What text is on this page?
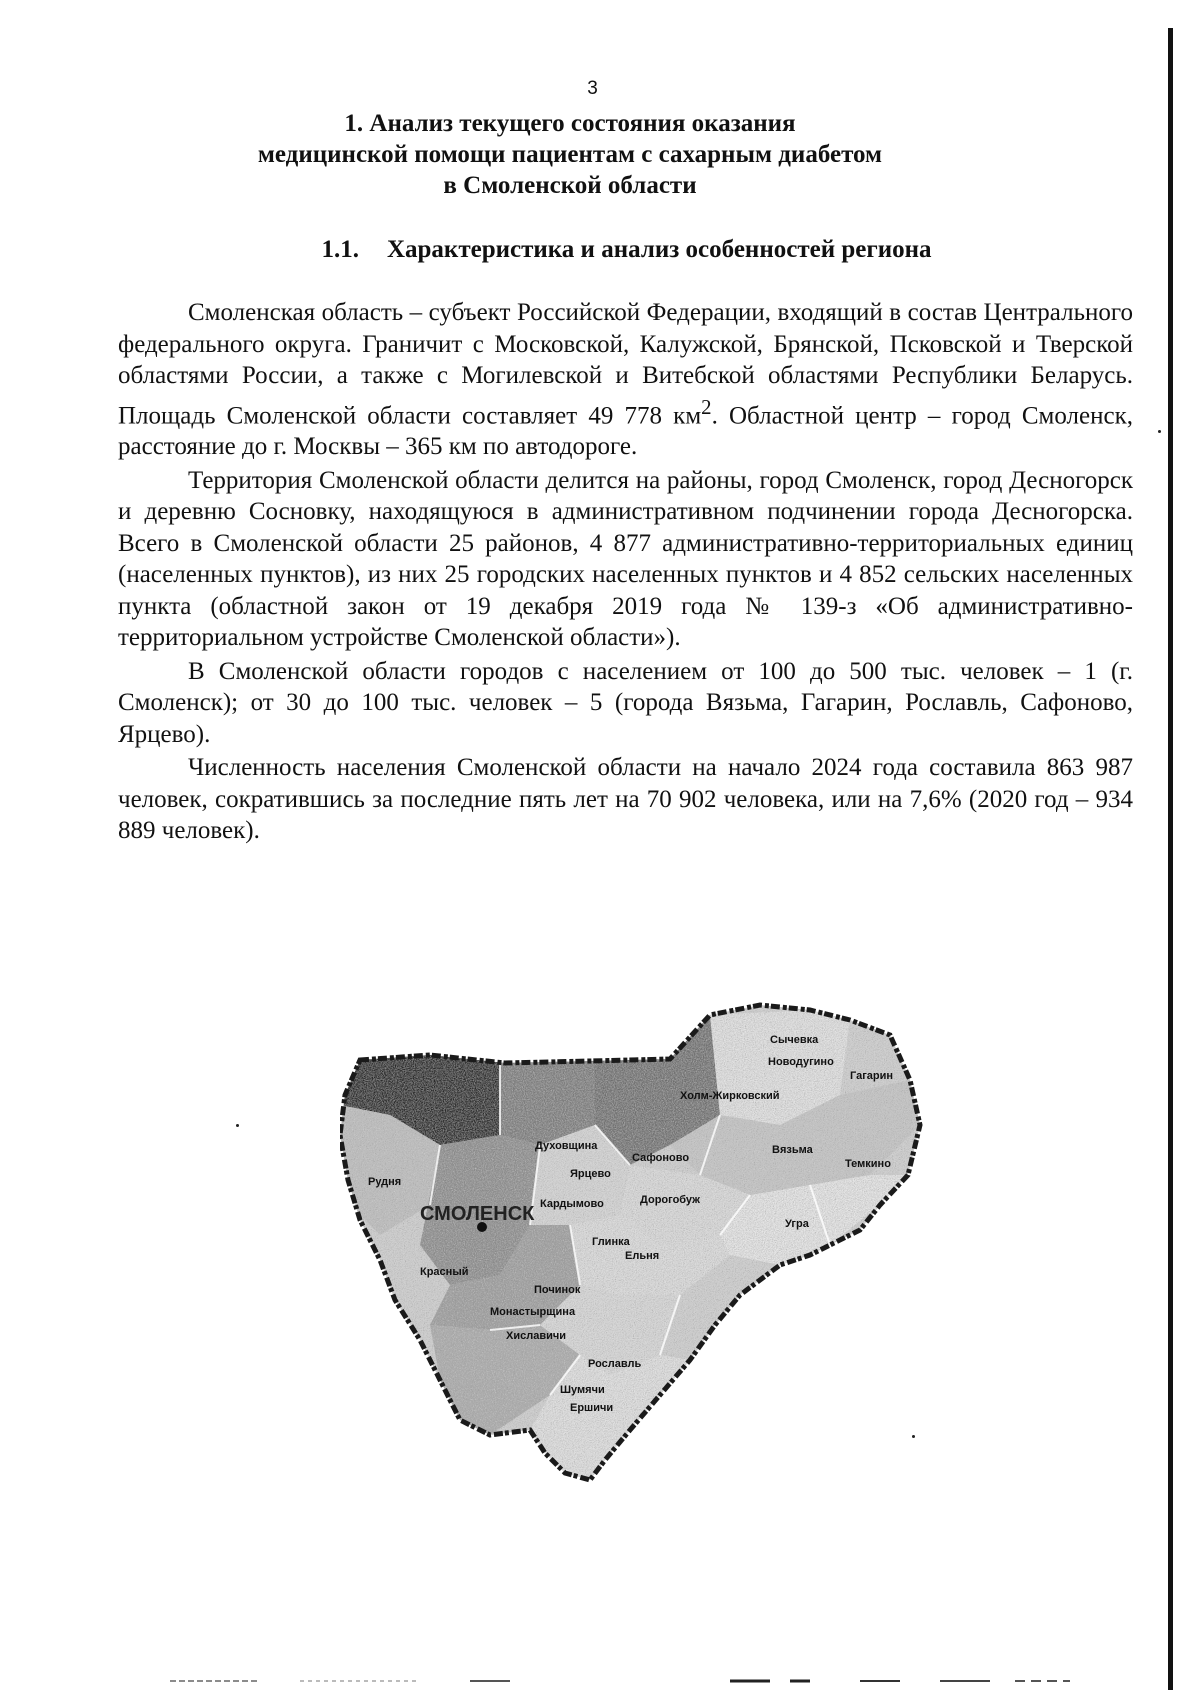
3
1. Анализ текущего состояния оказания
медицинской помощи пациентам с сахарным диабетом
в Смоленской области
1.1. Характеристика и анализ особенностей региона

Смоленская область – субъект Российской Федерации, входящий в состав Центрального федерального округа. Граничит с Московской, Калужской, Брянской, Псковской и Тверской областями России, а также с Могилевской и Витебской областями Республики Беларусь. Площадь Смоленской области составляет 49 778 $км^2$. Областной центр – город Смоленск, расстояние до г. Москвы – 365 км по автодороге.

Территория Смоленской области делится на районы, город Смоленск, город Десногорск и деревню Сосновку, находящуюся в административном подчинении города Десногорска. Всего в Смоленской области 25 районов, 4 877 административно-территориальных единиц (населенных пунктов), из них 25 городских населенных пунктов и 4 852 сельских населенных пункта (областной закон от 19 декабря 2019 года № 139-з «Об административно-территориальном устройстве Смоленской области»).

В Смоленской области городов с населением от 100 до 500 тыс. человек – 1 (г. Смоленск); от 30 до 100 тыс. человек – 5 (города Вязьма, Гагарин, Рославль, Сафоново, Ярцево).

Численность населения Смоленской области на начало 2024 года составила 863 987 человек, сократившись за последние пять лет на 70 902 человека, или на 7,6% (2020 год – 934 889 человек).

Сычевка
Новодугино
Гагарин
Холм-Жирковский
Духовщина
Сафоново
Вязьма
Темкино
Ярцево
Рудня
Кардымово	Дорогобуж
СМОЛЕНСК	Угра
Глинка
Ельня
Красный
Починок
Монастырщина
Хиславичи
Рославль
Шумячи
Ершичи
